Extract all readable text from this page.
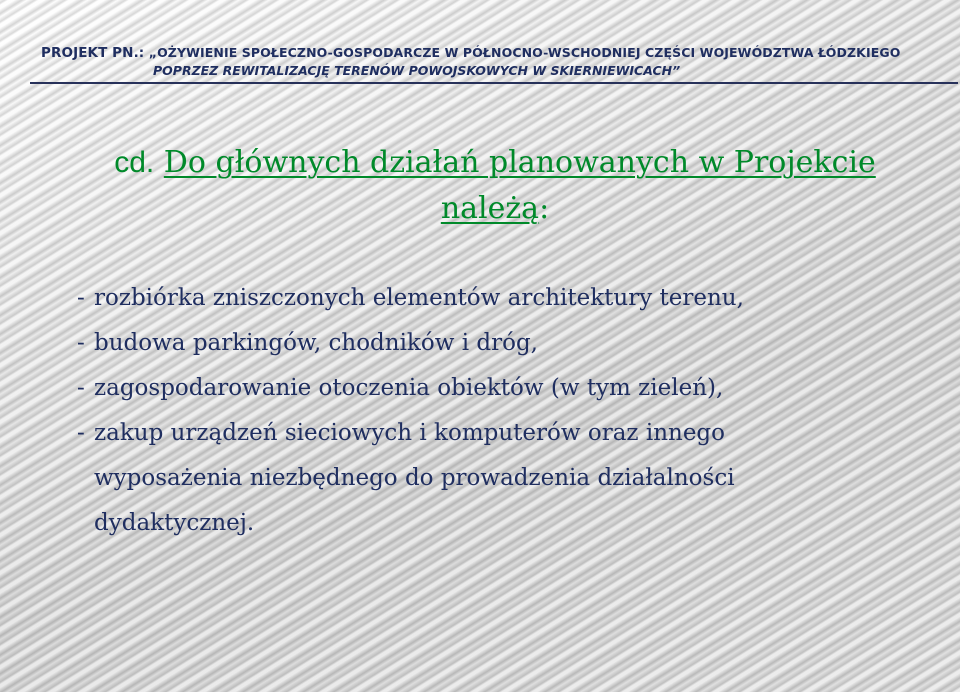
PROJEKT PN.: „OŻYWIENIE SPOŁECZNO-GOSPODARCZE W PÓŁNOCNO-WSCHODNIEJ CZĘŚCI WOJEWÓDZTWA ŁÓDZKIEGO
POPRZEZ REWITALIZACJĘ TERENÓW POWOJSKOWYCH W SKIERNIEWICACH”
cd. Do głównych działań planowanych w Projekcie
należą:
- rozbiórka zniszczonych elementów architektury terenu,
- budowa parkingów, chodników i dróg,
- zagospodarowanie otoczenia obiektów (w tym zieleń),
- zakup urządzeń sieciowych i komputerów oraz innego
wyposażenia niezbędnego do prowadzenia działalności
dydaktycznej.
